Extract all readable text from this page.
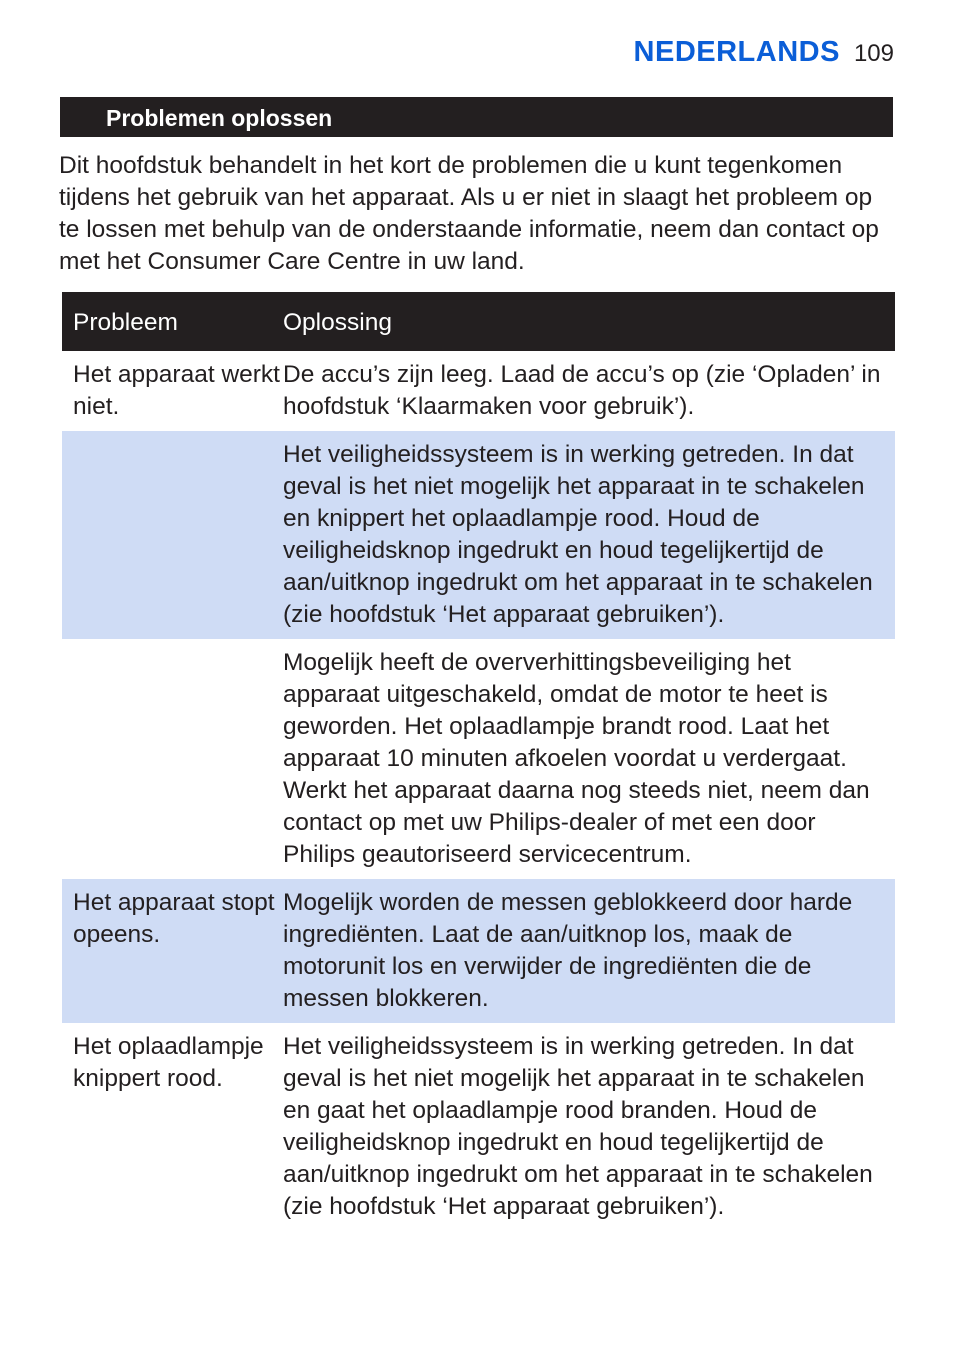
NEDERLANDS 109
Problemen oplossen

Dit hoofdstuk behandelt in het kort de problemen die u kunt tegenkomen tijdens het gebruik van het apparaat. Als u er niet in slaagt het probleem op te lossen met behulp van de onderstaande informatie, neem dan contact op met het Consumer Care Centre in uw land.

Probleem	Oplossing
Het apparaat werkt niet.
De accu’s zijn leeg. Laad de accu’s op (zie ‘Opladen’ in hoofdstuk ‘Klaarmaken voor gebruik’).
Het veiligheidssysteem is in werking getreden. In dat geval is het niet mogelijk het apparaat in te schakelen en knippert het oplaadlampje rood. Houd de veiligheidsknop ingedrukt en houd tegelijkertijd de aan/uitknop ingedrukt om het apparaat in te schakelen (zie hoofdstuk ‘Het apparaat gebruiken’).
Mogelijk heeft de oververhittingsbeveiliging het apparaat uitgeschakeld, omdat de motor te heet is geworden. Het oplaadlampje brandt rood. Laat het apparaat 10 minuten afkoelen voordat u verdergaat. Werkt het apparaat daarna nog steeds niet, neem dan contact op met uw Philips-dealer of met een door Philips geautoriseerd servicecentrum.
Het apparaat stopt opeens.
Mogelijk worden de messen geblokkeerd door harde ingrediënten. Laat de aan/uitknop los, maak de motorunit los en verwijder de ingrediënten die de messen blokkeren.
Het oplaadlampje knippert rood.
Het veiligheidssysteem is in werking getreden. In dat geval is het niet mogelijk het apparaat in te schakelen en gaat het oplaadlampje rood branden. Houd de veiligheidsknop ingedrukt en houd tegelijkertijd de aan/uitknop ingedrukt om het apparaat in te schakelen (zie hoofdstuk ‘Het apparaat gebruiken’).
